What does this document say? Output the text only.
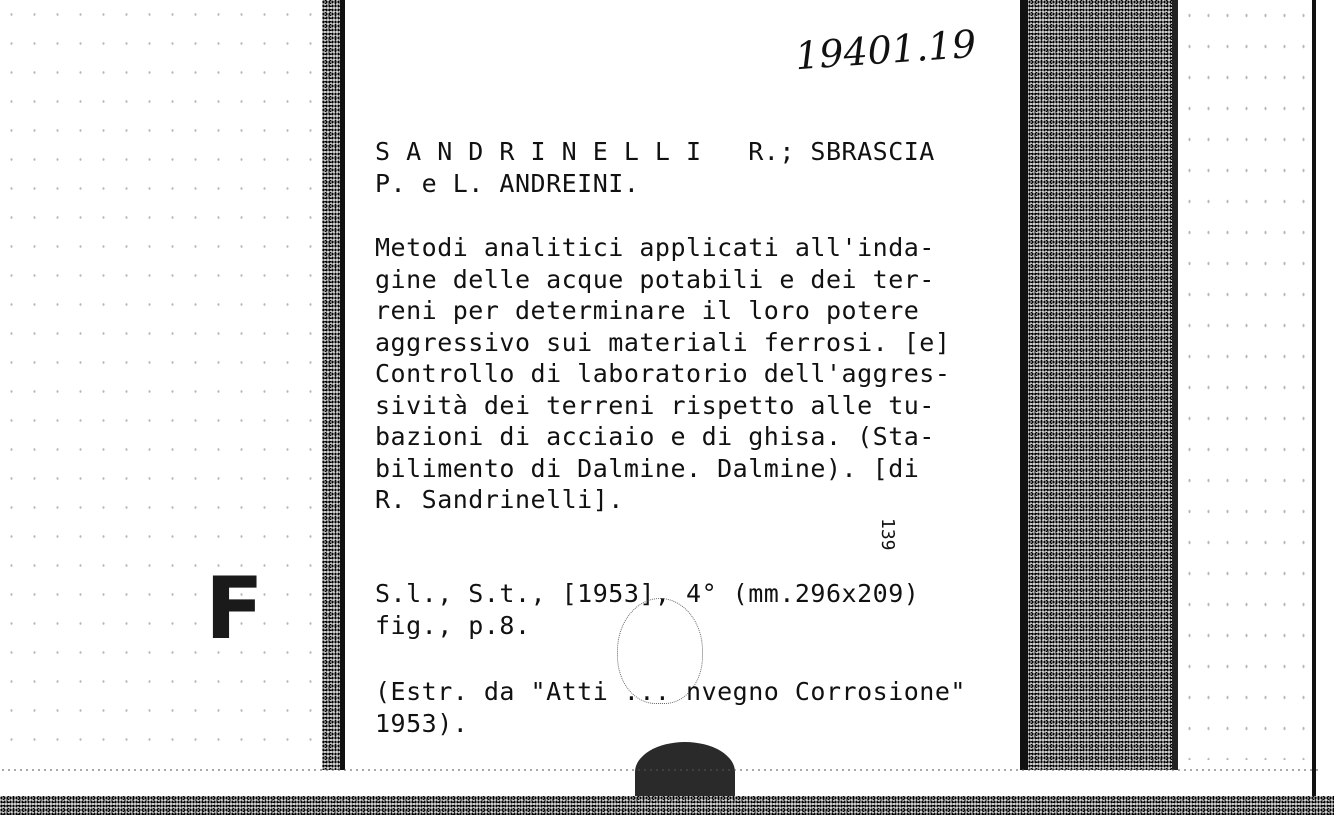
19401.19
S A N D R I N E L L I   R.; SBRASCIA
P. e L. ANDREINI.
Metodi analitici applicati all'inda-
gine delle acque potabili e dei ter-
reni per determinare il loro potere
aggressivo sui materiali ferrosi. [e]
Controllo di laboratorio dell'aggres-
sività dei terreni rispetto alle tu-
bazioni di acciaio e di ghisa. (Sta-
bilimento di Dalmine. Dalmine). [di
R. Sandrinelli].
139
S.l., S.t., [1953], 4° (mm.296x209)
fig., p.8.
(Estr. da "Atti ... nvegno Corrosione"
1953).
F
